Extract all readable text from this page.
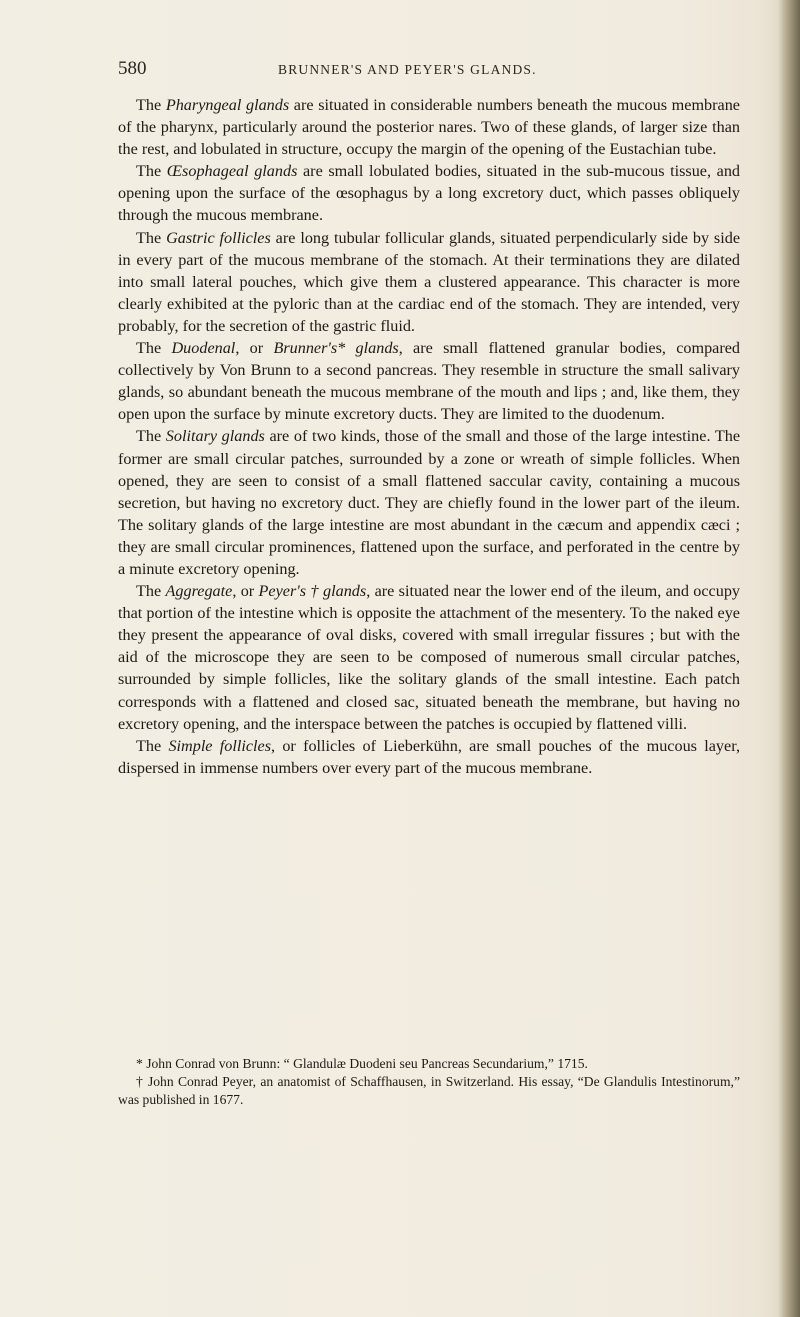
580	BRUNNER'S AND PEYER'S GLANDS.

The Pharyngeal glands are situated in considerable numbers beneath the mucous membrane of the pharynx, particularly around the posterior nares. Two of these glands, of larger size than the rest, and lobulated in structure, occupy the margin of the opening of the Eustachian tube.

The Œsophageal glands are small lobulated bodies, situated in the sub-mucous tissue, and opening upon the surface of the œsophagus by a long excretory duct, which passes obliquely through the mucous membrane.

The Gastric follicles are long tubular follicular glands, situated perpendicularly side by side in every part of the mucous membrane of the stomach. At their terminations they are dilated into small lateral pouches, which give them a clustered appearance. This character is more clearly exhibited at the pyloric than at the cardiac end of the stomach. They are intended, very probably, for the secretion of the gastric fluid.

The Duodenal, or Brunner's* glands, are small flattened granular bodies, compared collectively by Von Brunn to a second pancreas. They resemble in structure the small salivary glands, so abundant beneath the mucous membrane of the mouth and lips ; and, like them, they open upon the surface by minute excretory ducts. They are limited to the duodenum.

The Solitary glands are of two kinds, those of the small and those of the large intestine. The former are small circular patches, surrounded by a zone or wreath of simple follicles. When opened, they are seen to consist of a small flattened saccular cavity, containing a mucous secretion, but having no excretory duct. They are chiefly found in the lower part of the ileum. The solitary glands of the large intestine are most abundant in the cæcum and appendix cæci ; they are small circular prominences, flattened upon the surface, and perforated in the centre by a minute excretory opening.

The Aggregate, or Peyer's † glands, are situated near the lower end of the ileum, and occupy that portion of the intestine which is opposite the attachment of the mesentery. To the naked eye they present the appearance of oval disks, covered with small irregular fissures ; but with the aid of the microscope they are seen to be composed of numerous small circular patches, surrounded by simple follicles, like the solitary glands of the small intestine. Each patch corresponds with a flattened and closed sac, situated beneath the membrane, but having no excretory opening, and the interspace between the patches is occupied by flattened villi.

The Simple follicles, or follicles of Lieberkühn, are small pouches of the mucous layer, dispersed in immense numbers over every part of the mucous membrane.

* John Conrad von Brunn: “ Glandulæ Duodeni seu Pancreas Secundarium,” 1715.

† John Conrad Peyer, an anatomist of Schaffhausen, in Switzerland. His essay, “De Glandulis Intestinorum,” was published in 1677.
